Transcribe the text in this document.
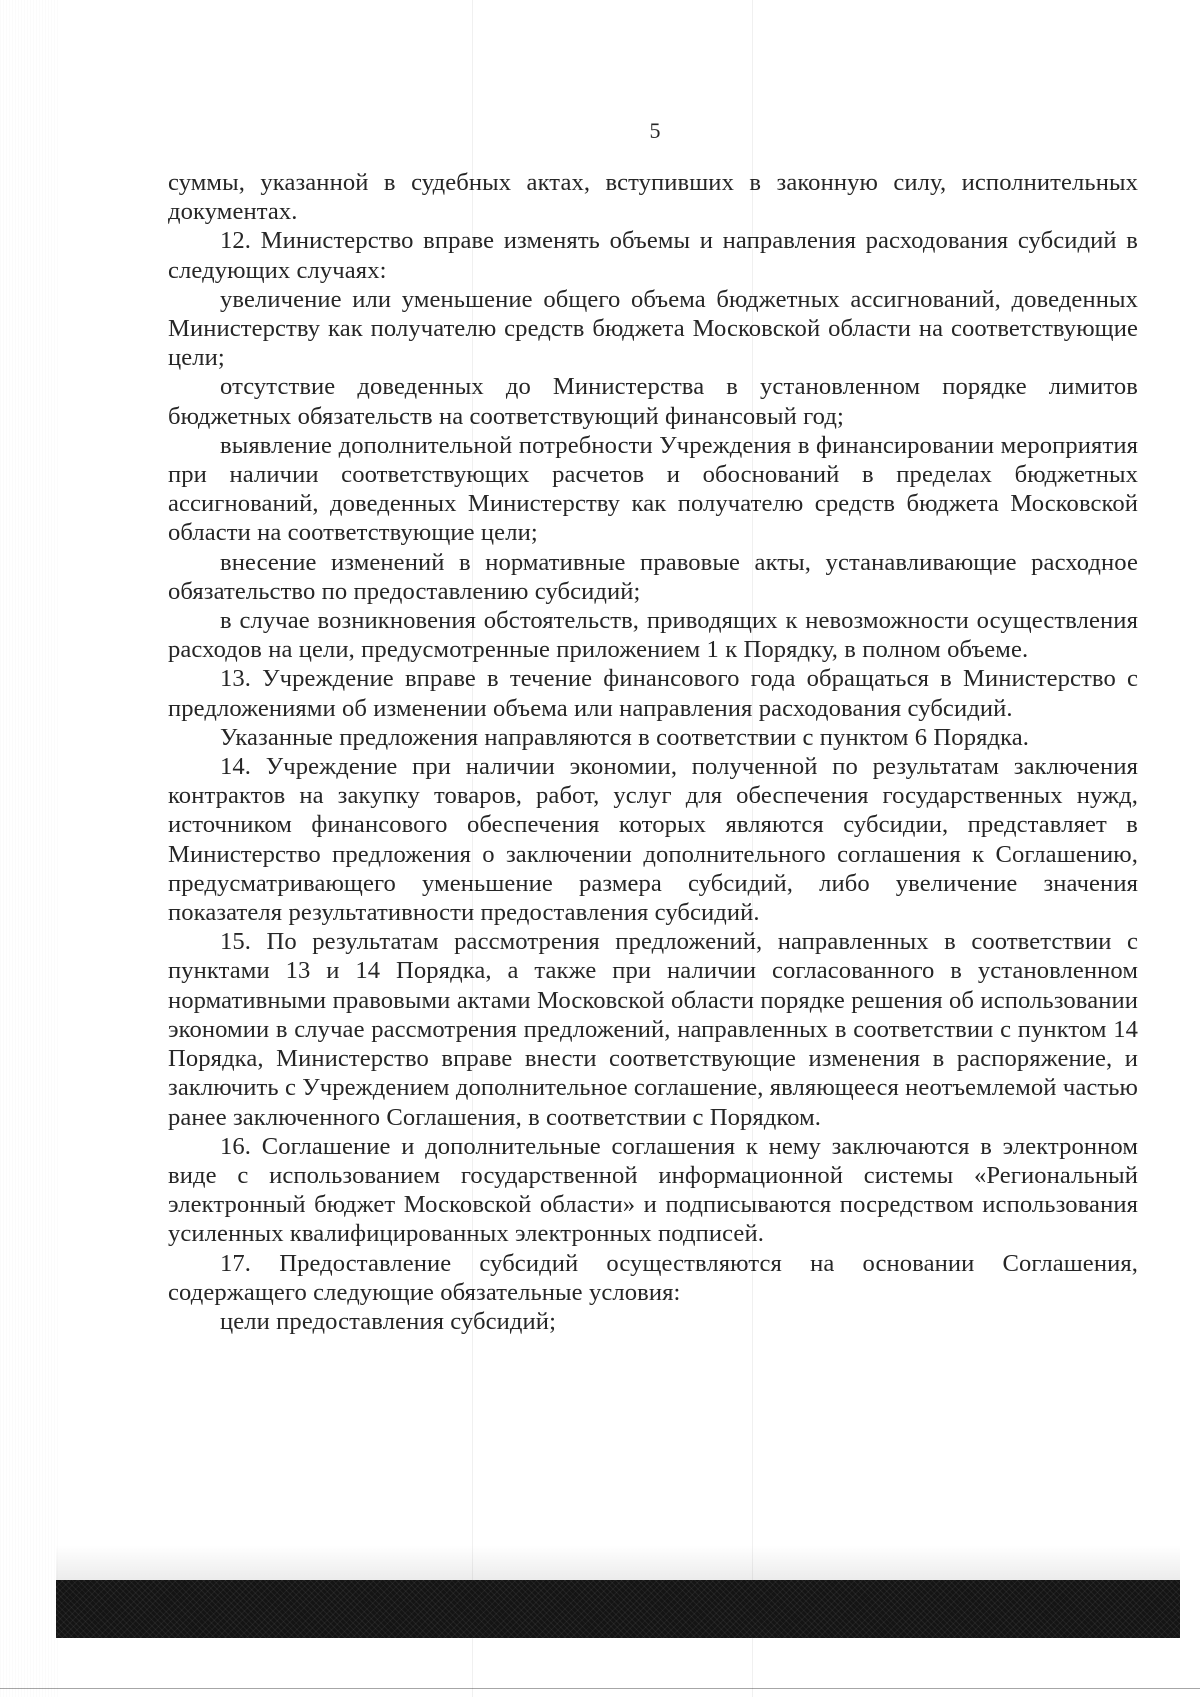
5

суммы, указанной в судебных актах, вступивших в законную силу, исполнительных документах.

12. Министерство вправе изменять объемы и направления расходования субсидий в следующих случаях:

увеличение или уменьшение общего объема бюджетных ассигнований, доведенных Министерству как получателю средств бюджета Московской области на соответствующие цели;

отсутствие доведенных до Министерства в установленном порядке лимитов бюджетных обязательств на соответствующий финансовый год;

выявление дополнительной потребности Учреждения в финансировании мероприятия при наличии соответствующих расчетов и обоснований в пределах бюджетных ассигнований, доведенных Министерству как получателю средств бюджета Московской области на соответствующие цели;

внесение изменений в нормативные правовые акты, устанавливающие расходное обязательство по предоставлению субсидий;

в случае возникновения обстоятельств, приводящих к невозможности осуществления расходов на цели, предусмотренные приложением 1 к Порядку, в полном объеме.

13. Учреждение вправе в течение финансового года обращаться в Министерство с предложениями об изменении объема или направления расходования субсидий.

Указанные предложения направляются в соответствии с пунктом 6 Порядка.

14. Учреждение при наличии экономии, полученной по результатам заключения контрактов на закупку товаров, работ, услуг для обеспечения государственных нужд, источником финансового обеспечения которых являются субсидии, представляет в Министерство предложения о заключении дополнительного соглашения к Соглашению, предусматривающего уменьшение размера субсидий, либо увеличение значения показателя результативности предоставления субсидий.

15. По результатам рассмотрения предложений, направленных в соответствии с пунктами 13 и 14 Порядка, а также при наличии согласованного в установленном нормативными правовыми актами Московской области порядке решения об использовании экономии в случае рассмотрения предложений, направленных в соответствии с пунктом 14 Порядка, Министерство вправе внести соответствующие изменения в распоряжение, и заключить с Учреждением дополнительное соглашение, являющееся неотъемлемой частью ранее заключенного Соглашения, в соответствии с Порядком.

16. Соглашение и дополнительные соглашения к нему заключаются в электронном виде с использованием государственной информационной системы «Региональный электронный бюджет Московской области» и подписываются посредством использования усиленных квалифицированных электронных подписей.

17. Предоставление субсидий осуществляются на основании Соглашения, содержащего следующие обязательные условия:

цели предоставления субсидий;
